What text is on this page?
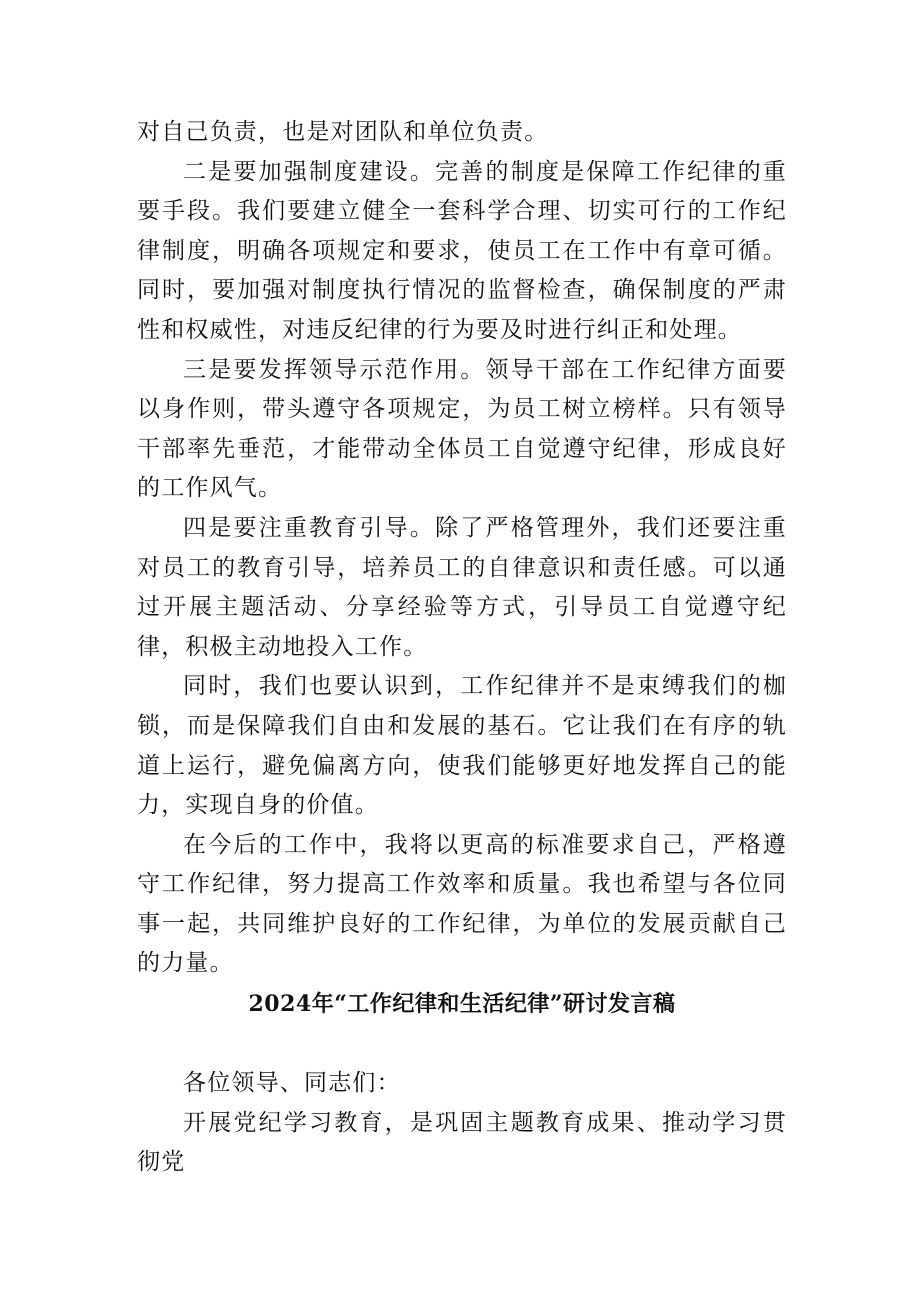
对自己负责，也是对团队和单位负责。

二是要加强制度建设。完善的制度是保障工作纪律的重要手段。我们要建立健全一套科学合理、切实可行的工作纪律制度，明确各项规定和要求，使员工在工作中有章可循。同时，要加强对制度执行情况的监督检查，确保制度的严肃性和权威性，对违反纪律的行为要及时进行纠正和处理。

三是要发挥领导示范作用。领导干部在工作纪律方面要以身作则，带头遵守各项规定，为员工树立榜样。只有领导干部率先垂范，才能带动全体员工自觉遵守纪律，形成良好的工作风气。

四是要注重教育引导。除了严格管理外，我们还要注重对员工的教育引导，培养员工的自律意识和责任感。可以通过开展主题活动、分享经验等方式，引导员工自觉遵守纪律，积极主动地投入工作。

同时，我们也要认识到，工作纪律并不是束缚我们的枷锁，而是保障我们自由和发展的基石。它让我们在有序的轨道上运行，避免偏离方向，使我们能够更好地发挥自己的能力，实现自身的价值。

在今后的工作中，我将以更高的标准要求自己，严格遵守工作纪律，努力提高工作效率和质量。我也希望与各位同事一起，共同维护良好的工作纪律，为单位的发展贡献自己的力量。

2024年“工作纪律和生活纪律”研讨发言稿

各位领导、同志们：

开展党纪学习教育，是巩固主题教育成果、推动学习贯彻党
